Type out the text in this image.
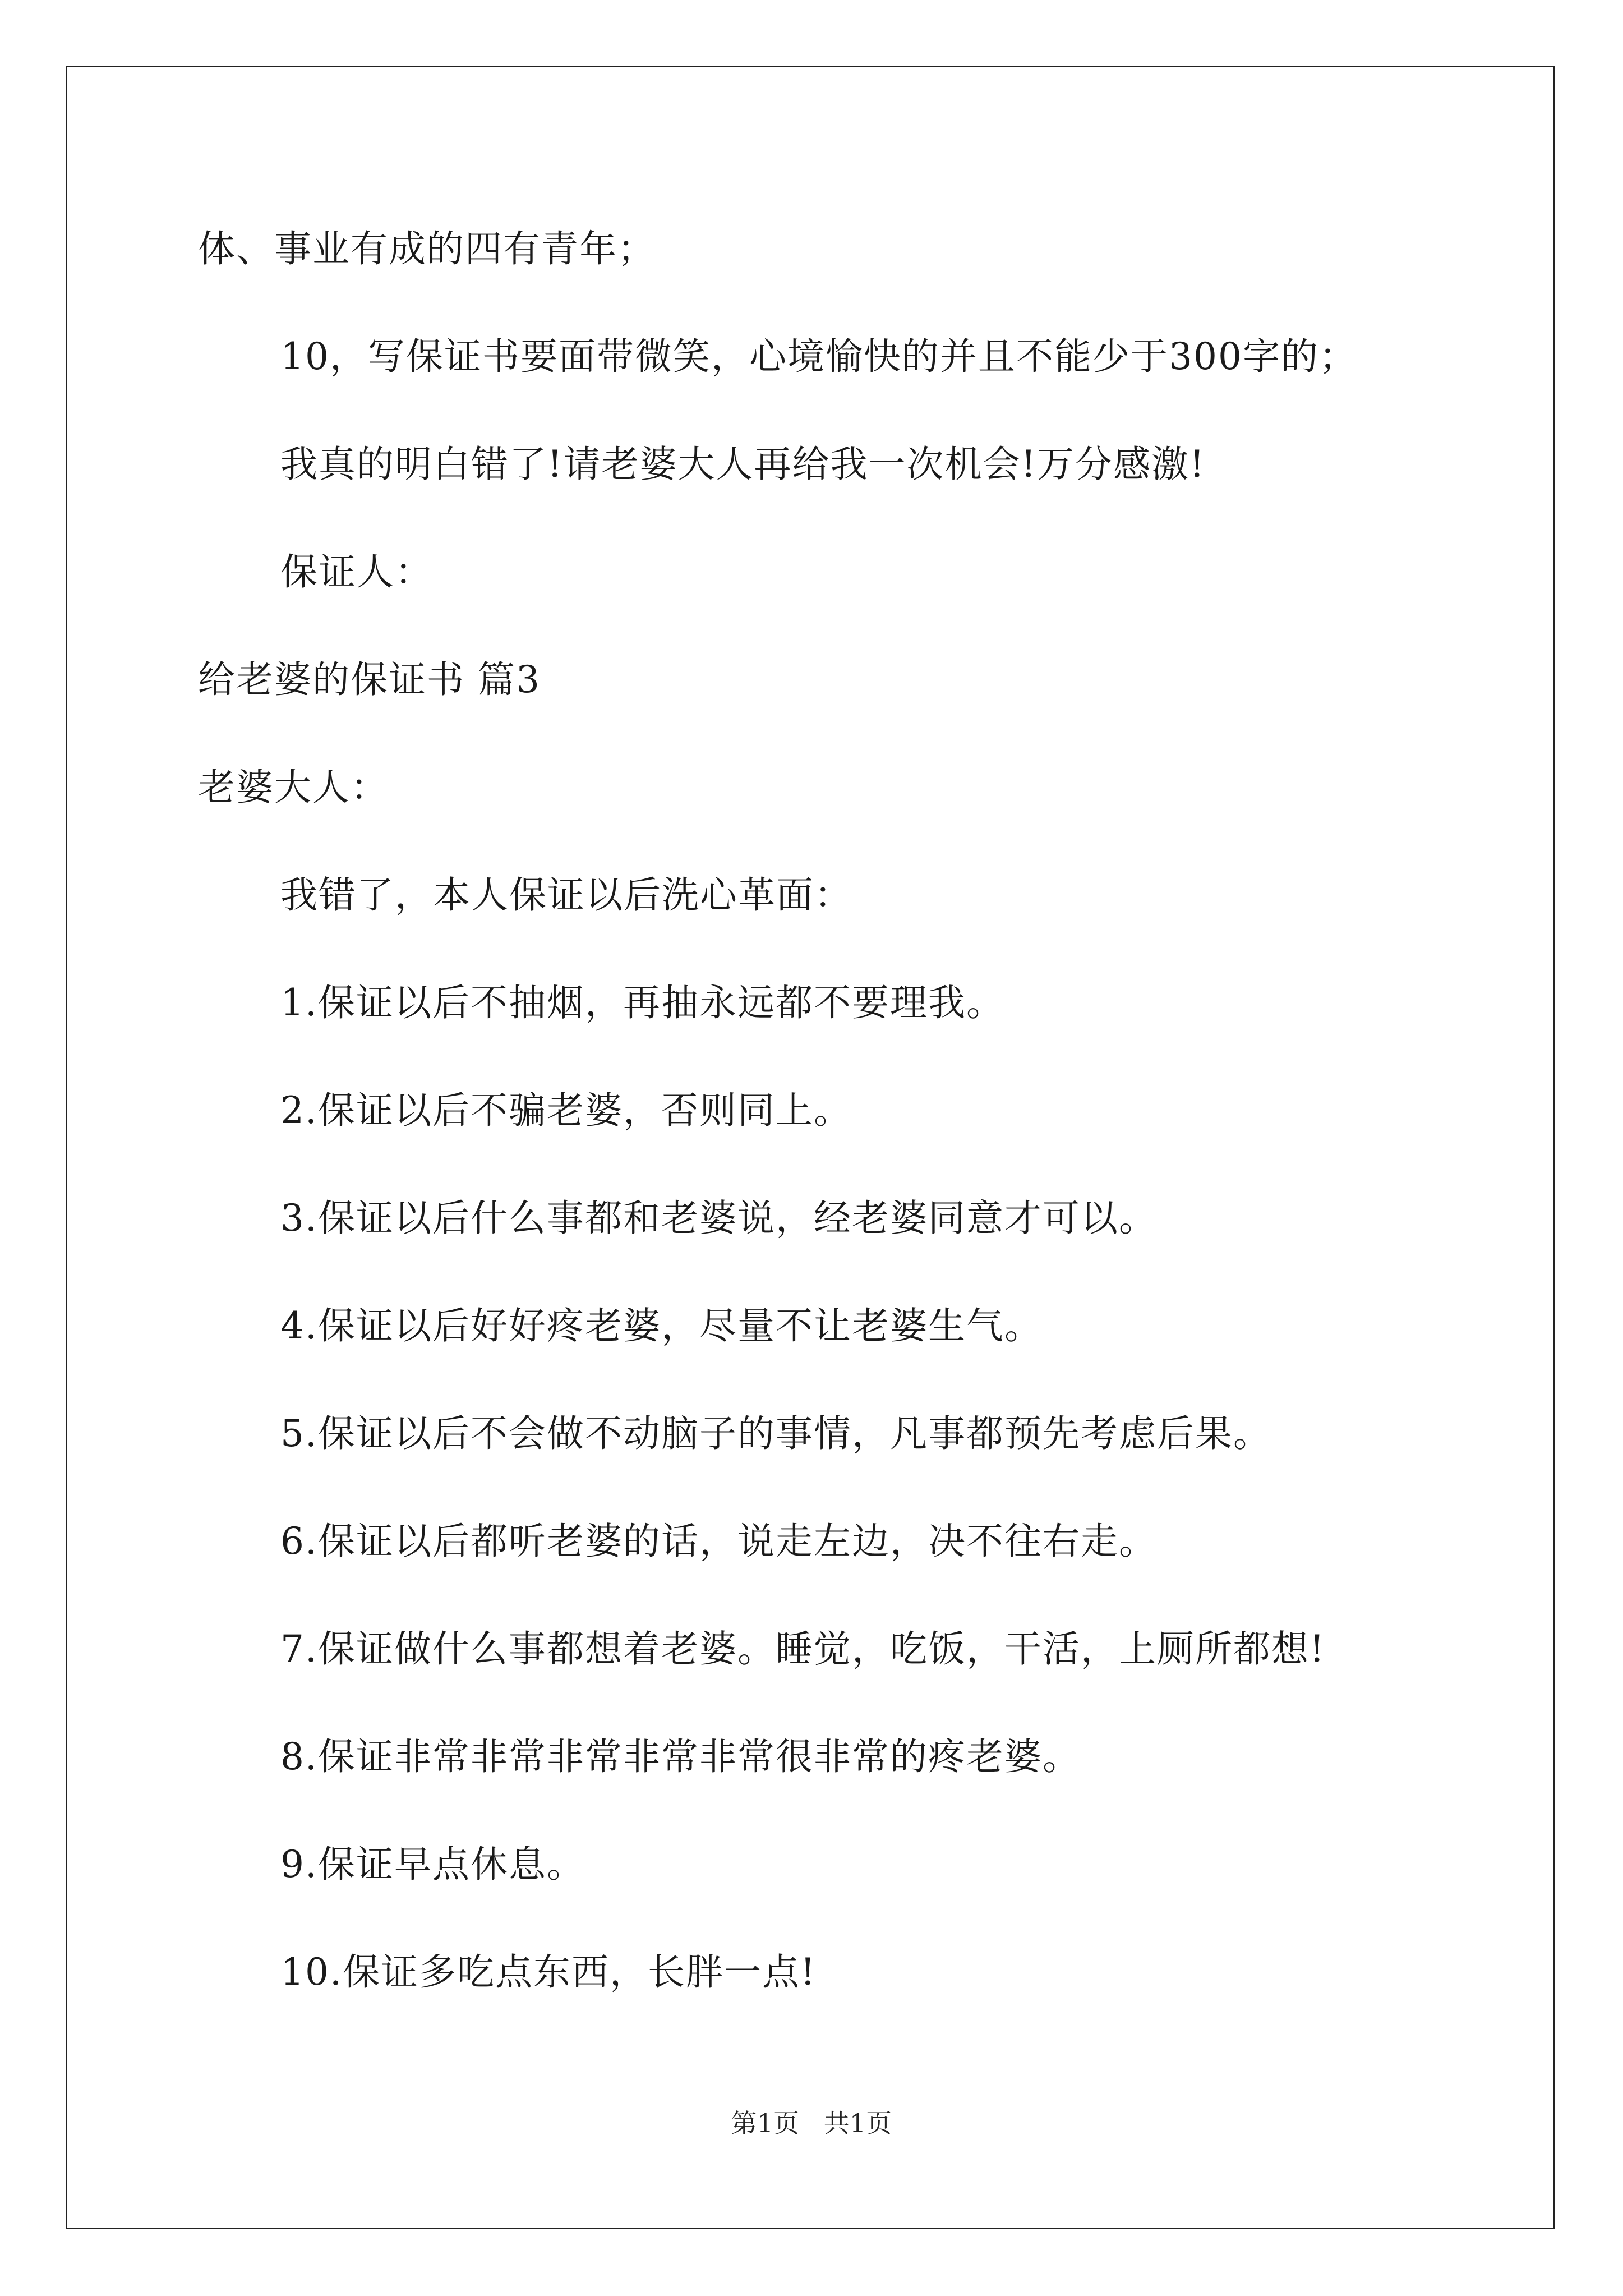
体、事业有成的四有青年；
10，写保证书要面带微笑，心境愉快的并且不能少于300字的；
我真的明白错了!请老婆大人再给我一次机会!万分感激!
保证人：
给老婆的保证书 篇3
老婆大人：
我错了，本人保证以后洗心革面：
1.保证以后不抽烟，再抽永远都不要理我。
2.保证以后不骗老婆，否则同上。
3.保证以后什么事都和老婆说，经老婆同意才可以。
4.保证以后好好疼老婆，尽量不让老婆生气。
5.保证以后不会做不动脑子的事情，凡事都预先考虑后果。
6.保证以后都听老婆的话，说走左边，决不往右走。
7.保证做什么事都想着老婆。睡觉，吃饭，干活，上厕所都想!
8.保证非常非常非常非常非常很非常的疼老婆。
9.保证早点休息。
10.保证多吃点东西，长胖一点!
第1页   共1页
